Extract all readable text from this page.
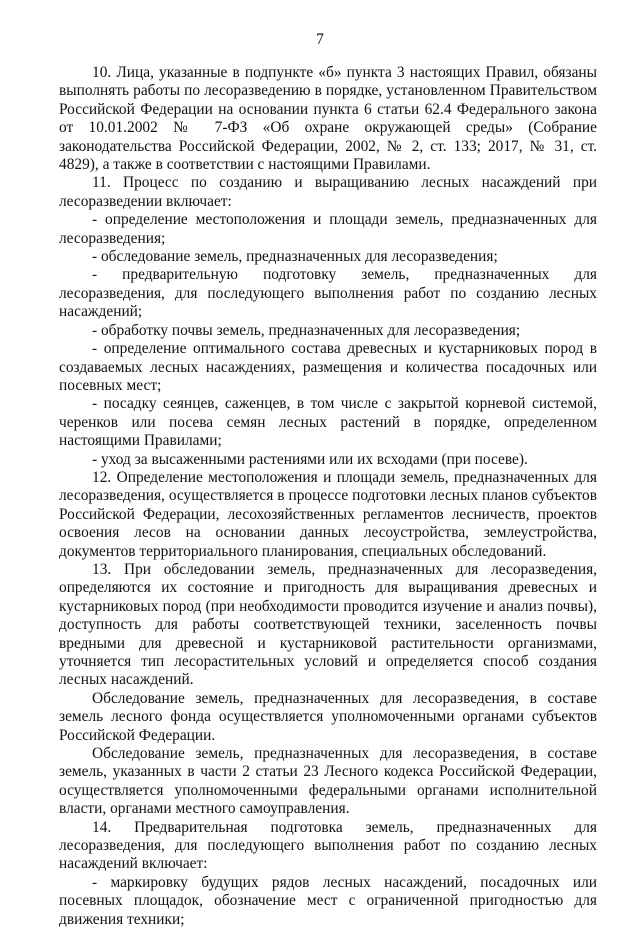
7

10. Лица, указанные в подпункте «б» пункта 3 настоящих Правил, обязаны выполнять работы по лесоразведению в порядке, установленном Правительством Российской Федерации на основании пункта 6 статьи 62.4 Федерального закона от 10.01.2002 № 7-ФЗ «Об охране окружающей среды» (Собрание законодательства Российской Федерации, 2002, № 2, ст. 133; 2017, № 31, ст. 4829), а также в соответствии с настоящими Правилами.

11. Процесс по созданию и выращиванию лесных насаждений при лесоразведении включает:

- определение местоположения и площади земель, предназначенных для лесоразведения;

- обследование земель, предназначенных для лесоразведения;

- предварительную подготовку земель, предназначенных для лесоразведения, для последующего выполнения работ по созданию лесных насаждений;

- обработку почвы земель, предназначенных для лесоразведения;

- определение оптимального состава древесных и кустарниковых пород в создаваемых лесных насаждениях, размещения и количества посадочных или посевных мест;

- посадку сеянцев, саженцев, в том числе с закрытой корневой системой, черенков или посева семян лесных растений в порядке, определенном настоящими Правилами;

- уход за высаженными растениями или их всходами (при посеве).

12. Определение местоположения и площади земель, предназначенных для лесоразведения, осуществляется в процессе подготовки лесных планов субъектов Российской Федерации, лесохозяйственных регламентов лесничеств, проектов освоения лесов на основании данных лесоустройства, землеустройства, документов территориального планирования, специальных обследований.

13. При обследовании земель, предназначенных для лесоразведения, определяются их состояние и пригодность для выращивания древесных и кустарниковых пород (при необходимости проводится изучение и анализ почвы), доступность для работы соответствующей техники, заселенность почвы вредными для древесной и кустарниковой растительности организмами, уточняется тип лесорастительных условий и определяется способ создания лесных насаждений.

Обследование земель, предназначенных для лесоразведения, в составе земель лесного фонда осуществляется уполномоченными органами субъектов Российской Федерации.

Обследование земель, предназначенных для лесоразведения, в составе земель, указанных в части 2 статьи 23 Лесного кодекса Российской Федерации, осуществляется уполномоченными федеральными органами исполнительной власти, органами местного самоуправления.

14. Предварительная подготовка земель, предназначенных для лесоразведения, для последующего выполнения работ по созданию лесных насаждений включает:

- маркировку будущих рядов лесных насаждений, посадочных или посевных площадок, обозначение мест с ограниченной пригодностью для движения техники;
